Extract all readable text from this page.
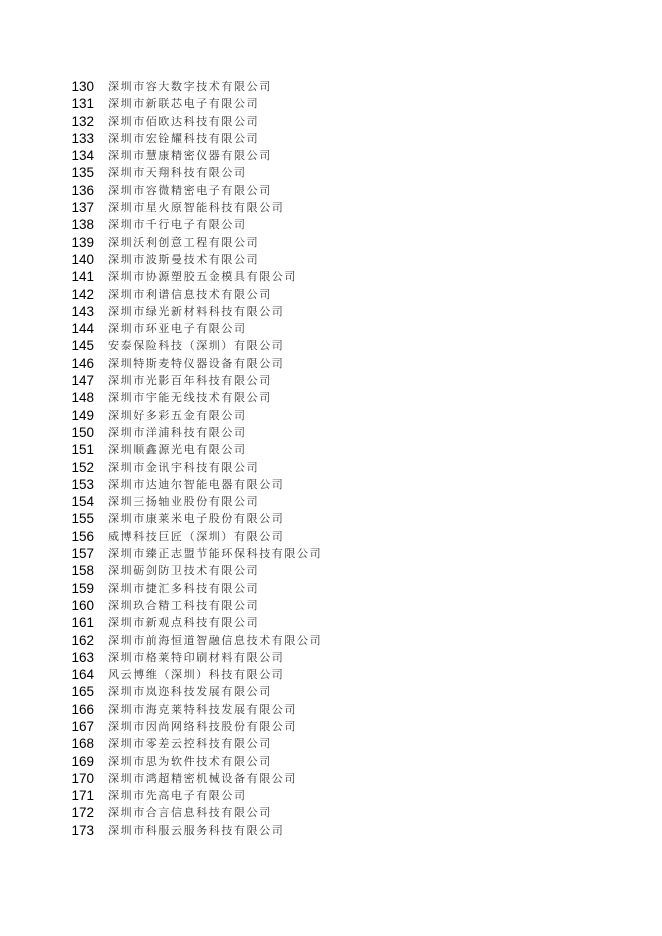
130 深圳市容大数字技术有限公司
131 深圳市新联芯电子有限公司
132 深圳市佰欧达科技有限公司
133 深圳市宏铨耀科技有限公司
134 深圳市慧康精密仪器有限公司
135 深圳市天翔科技有限公司
136 深圳市容微精密电子有限公司
137 深圳市星火原智能科技有限公司
138 深圳市千行电子有限公司
139 深圳沃利创意工程有限公司
140 深圳市波斯曼技术有限公司
141 深圳市协源塑胶五金模具有限公司
142 深圳市利谱信息技术有限公司
143 深圳市绿光新材料科技有限公司
144 深圳市环亚电子有限公司
145 安泰保险科技（深圳）有限公司
146 深圳特斯麦特仪器设备有限公司
147 深圳市光影百年科技有限公司
148 深圳市宇能无线技术有限公司
149 深圳好多彩五金有限公司
150 深圳市洋浦科技有限公司
151 深圳顺鑫源光电有限公司
152 深圳市金讯宇科技有限公司
153 深圳市达迪尔智能电器有限公司
154 深圳三扬轴业股份有限公司
155 深圳市康莱米电子股份有限公司
156 威博科技巨匠（深圳）有限公司
157 深圳市臻正志盟节能环保科技有限公司
158 深圳砺剑防卫技术有限公司
159 深圳市捷汇多科技有限公司
160 深圳玖合精工科技有限公司
161 深圳市新观点科技有限公司
162 深圳市前海恒道智融信息技术有限公司
163 深圳市格莱特印刷材料有限公司
164 风云博维（深圳）科技有限公司
165 深圳市岚迩科技发展有限公司
166 深圳市海克莱特科技发展有限公司
167 深圳市因尚网络科技股份有限公司
168 深圳市零差云控科技有限公司
169 深圳市思为软件技术有限公司
170 深圳市鸿超精密机械设备有限公司
171 深圳市先高电子有限公司
172 深圳市合言信息科技有限公司
173 深圳市科服云服务科技有限公司
